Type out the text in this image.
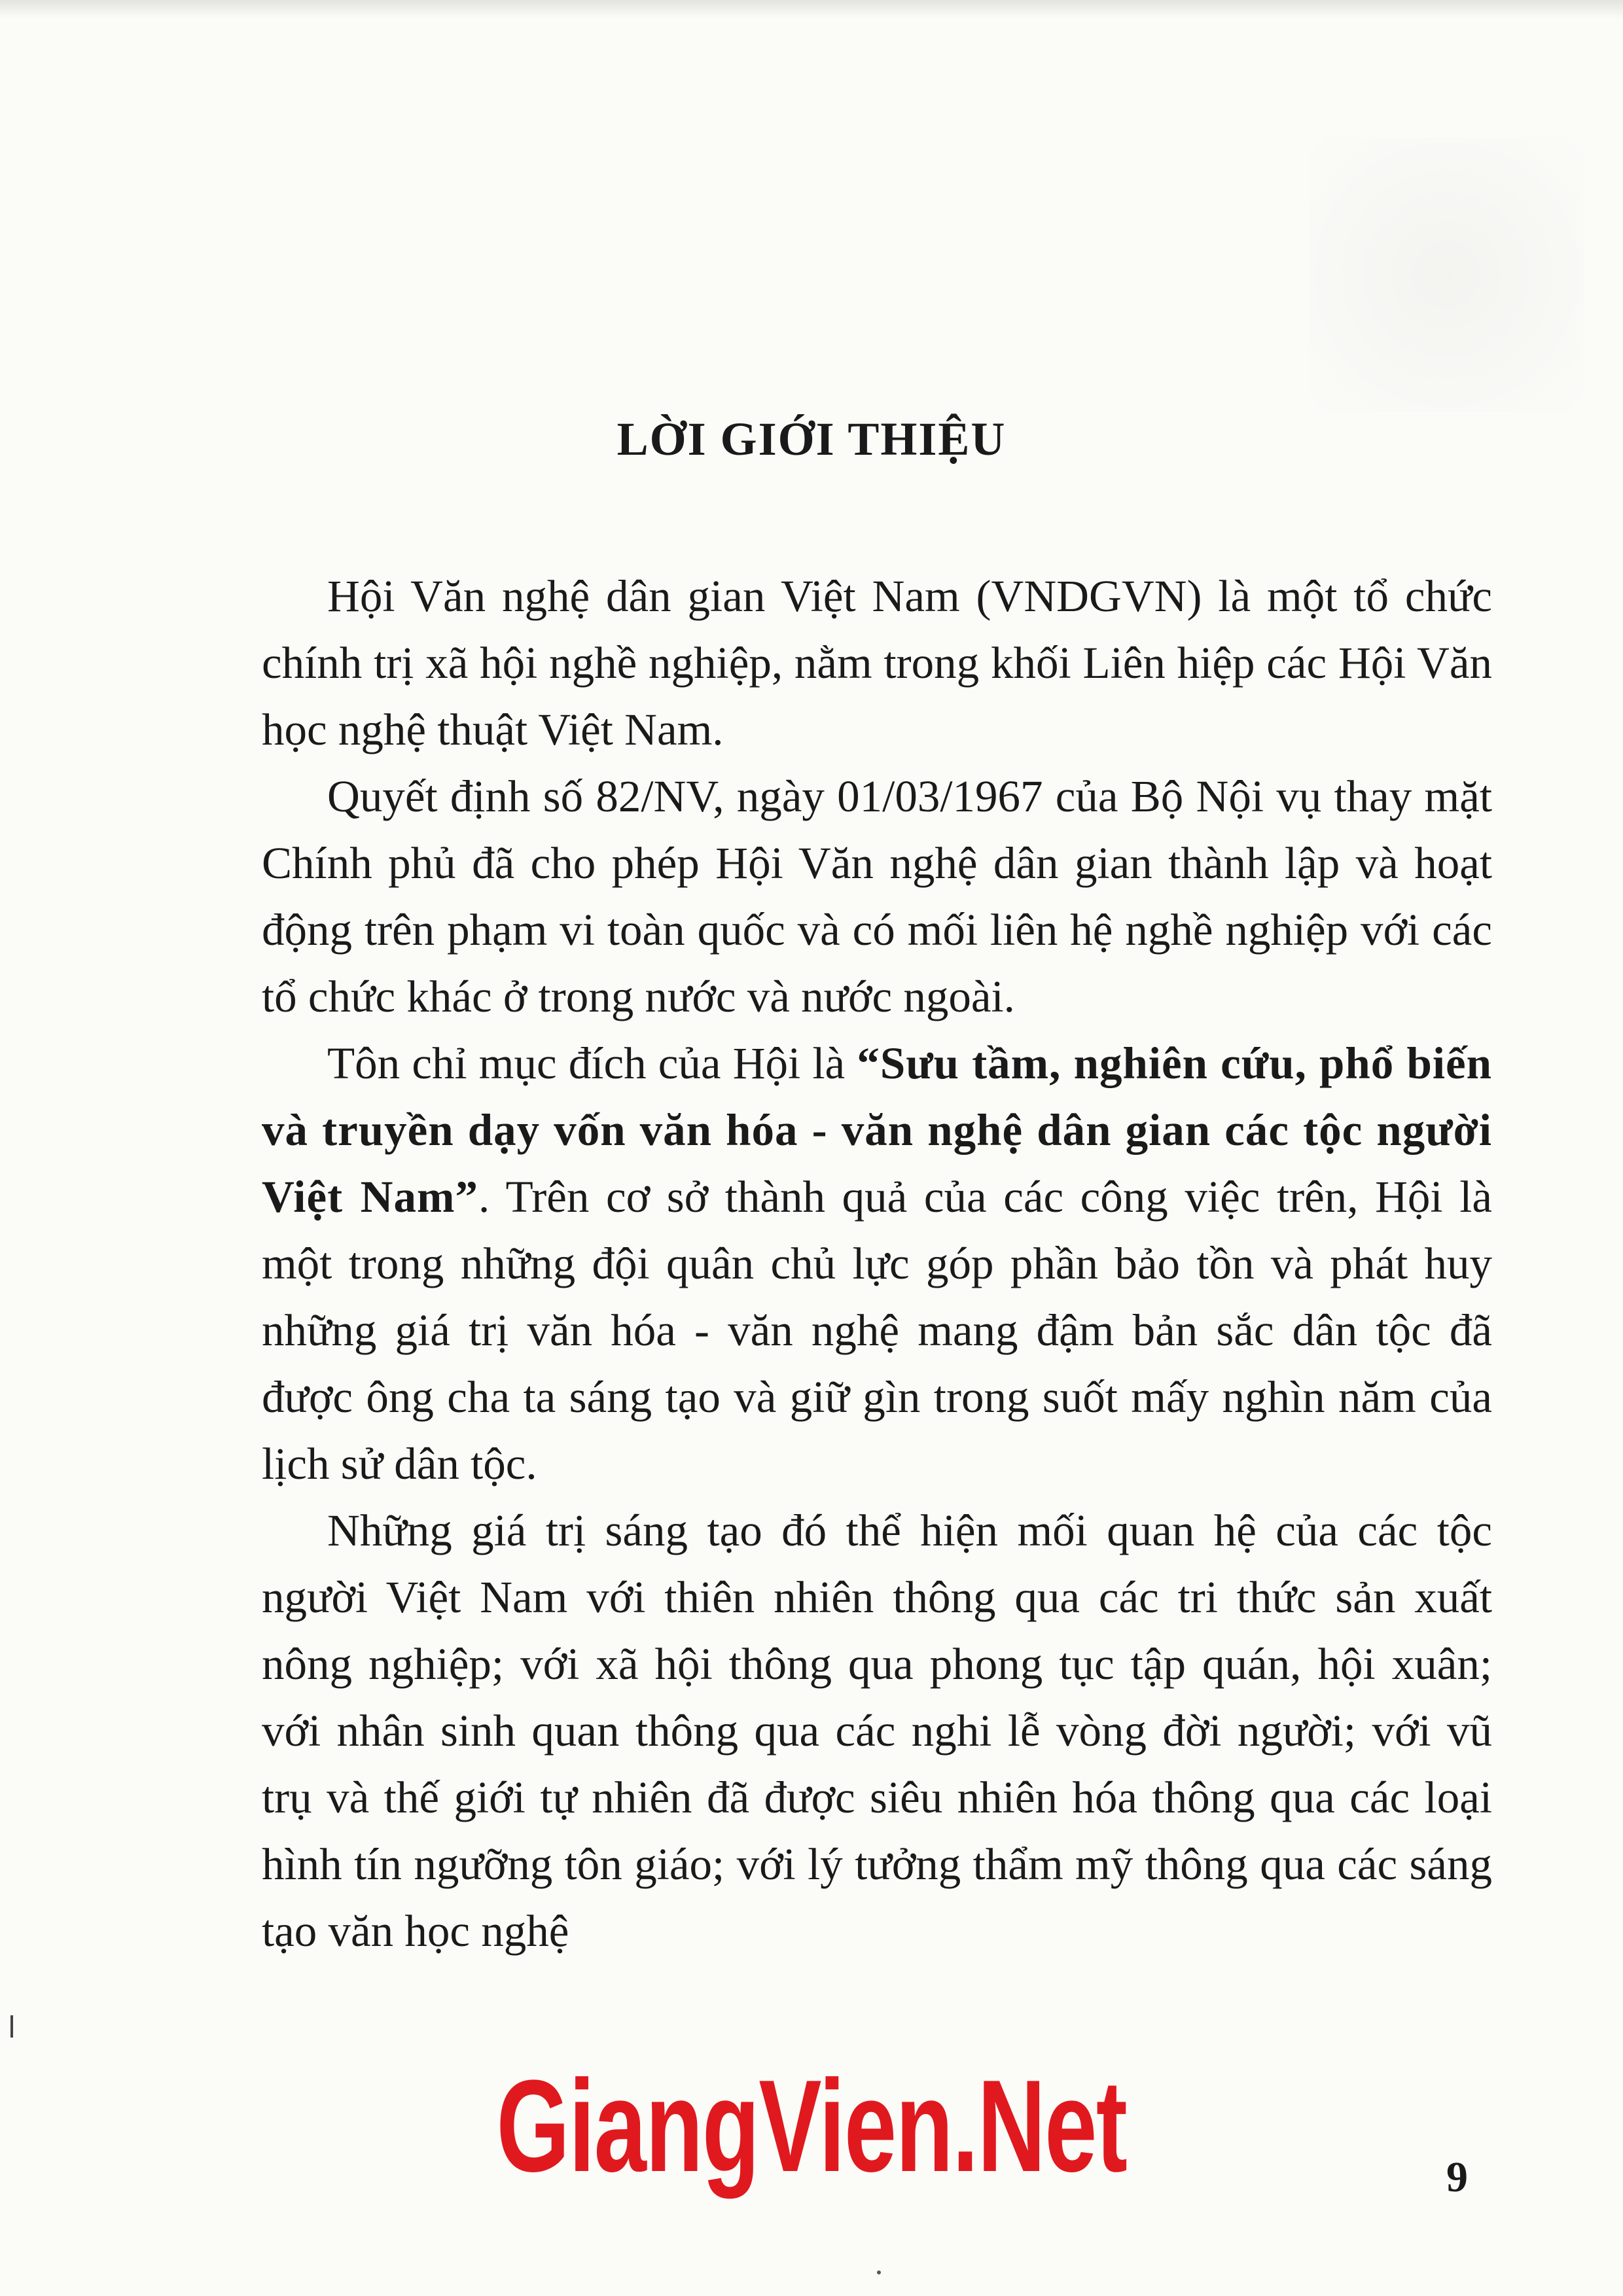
LỜI GIỚI THIỆU

Hội Văn nghệ dân gian Việt Nam (VNDGVN) là một tổ chức chính trị xã hội nghề nghiệp, nằm trong khối Liên hiệp các Hội Văn học nghệ thuật Việt Nam.

Quyết định số 82/NV, ngày 01/03/1967 của Bộ Nội vụ thay mặt Chính phủ đã cho phép Hội Văn nghệ dân gian thành lập và hoạt động trên phạm vi toàn quốc và có mối liên hệ nghề nghiệp với các tổ chức khác ở trong nước và nước ngoài.

Tôn chỉ mục đích của Hội là “Sưu tầm, nghiên cứu, phổ biến và truyền dạy vốn văn hóa - văn nghệ dân gian các tộc người Việt Nam”. Trên cơ sở thành quả của các công việc trên, Hội là một trong những đội quân chủ lực góp phần bảo tồn và phát huy những giá trị văn hóa - văn nghệ mang đậm bản sắc dân tộc đã được ông cha ta sáng tạo và giữ gìn trong suốt mấy nghìn năm của lịch sử dân tộc.

Những giá trị sáng tạo đó thể hiện mối quan hệ của các tộc người Việt Nam với thiên nhiên thông qua các tri thức sản xuất nông nghiệp; với xã hội thông qua phong tục tập quán, hội xuân; với nhân sinh quan thông qua các nghi lễ vòng đời người; với vũ trụ và thế giới tự nhiên đã được siêu nhiên hóa thông qua các loại hình tín ngưỡng tôn giáo; với lý tưởng thẩm mỹ thông qua các sáng tạo văn học nghệ

GiangVien.Net	9
